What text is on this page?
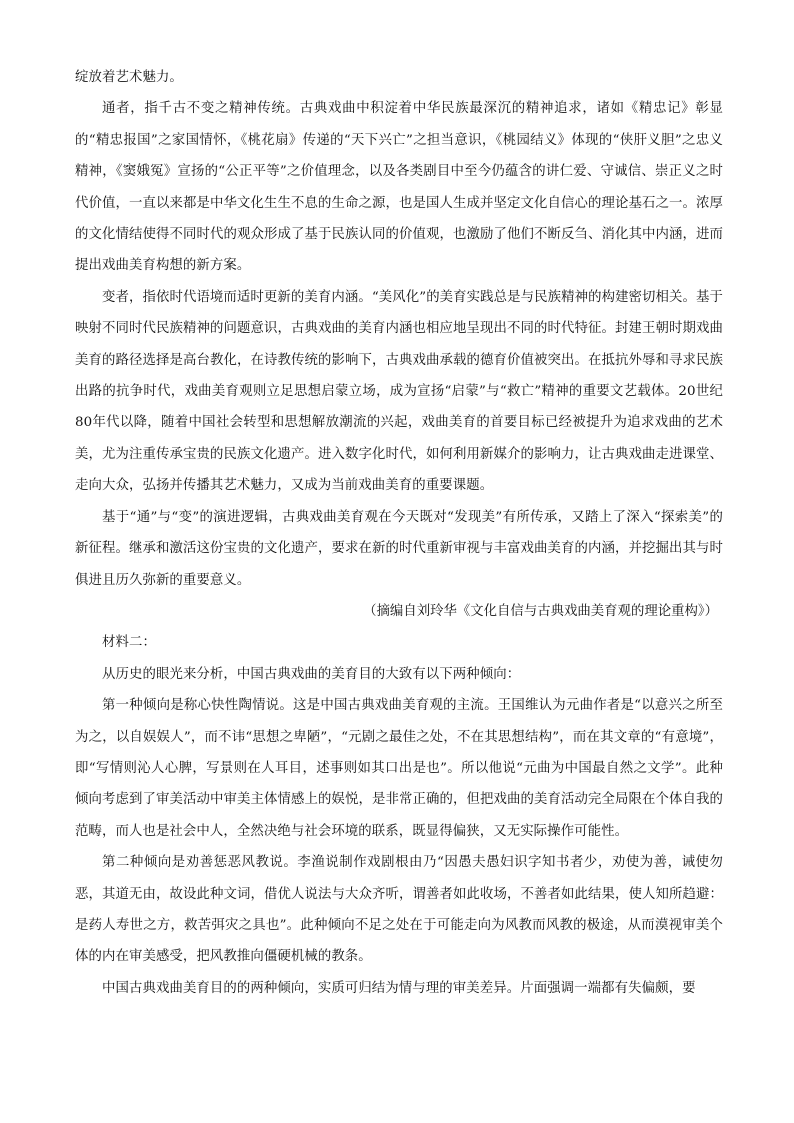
绽放着艺术魅力。

通者，指千古不变之精神传统。古典戏曲中积淀着中华民族最深沉的精神追求，诸如《精忠记》彰显的“精忠报国”之家国情怀，《桃花扇》传递的“天下兴亡”之担当意识，《桃园结义》体现的“侠肝义胆”之忠义精神，《窦娥冤》宣扬的“公正平等”之价值理念，以及各类剧目中至今仍蕴含的讲仁爱、守诚信、崇正义之时代价值，一直以来都是中华文化生生不息的生命之源，也是国人生成并坚定文化自信心的理论基石之一。浓厚的文化情结使得不同时代的观众形成了基于民族认同的价值观，也激励了他们不断反刍、消化其中内涵，进而提出戏曲美育构想的新方案。

变者，指依时代语境而适时更新的美育内涵。“美风化”的美育实践总是与民族精神的构建密切相关。基于映射不同时代民族精神的问题意识，古典戏曲的美育内涵也相应地呈现出不同的时代特征。封建王朝时期戏曲美育的路径选择是高台教化，在诗教传统的影响下，古典戏曲承载的德育价值被突出。在抵抗外辱和寻求民族出路的抗争时代，戏曲美育观则立足思想启蒙立场，成为宣扬“启蒙”与“救亡”精神的重要文艺载体。20世纪80年代以降，随着中国社会转型和思想解放潮流的兴起，戏曲美育的首要目标已经被提升为追求戏曲的艺术美，尤为注重传承宝贵的民族文化遗产。进入数字化时代，如何利用新媒介的影响力，让古典戏曲走进课堂、走向大众，弘扬并传播其艺术魅力，又成为当前戏曲美育的重要课题。

基于“通”与“变”的演进逻辑，古典戏曲美育观在今天既对“发现美”有所传承，又踏上了深入“探索美”的新征程。继承和激活这份宝贵的文化遗产，要求在新的时代重新审视与丰富戏曲美育的内涵，并挖掘出其与时俱进且历久弥新的重要意义。

（摘编自刘玲华《文化自信与古典戏曲美育观的理论重构》）

材料二：

从历史的眼光来分析，中国古典戏曲的美育目的大致有以下两种倾向：

第一种倾向是称心快性陶情说。这是中国古典戏曲美育观的主流。王国维认为元曲作者是“以意兴之所至为之，以自娱娱人”，而不讳“思想之卑陋”，“元剧之最佳之处，不在其思想结构”，而在其文章的“有意境”，即“写情则沁人心脾，写景则在人耳目，述事则如其口出是也”。所以他说“元曲为中国最自然之文学”。此种倾向考虑到了审美活动中审美主体情感上的娱悦，是非常正确的，但把戏曲的美育活动完全局限在个体自我的范畴，而人也是社会中人，全然决绝与社会环境的联系，既显得偏狭，又无实际操作可能性。

第二种倾向是劝善惩恶风教说。李渔说制作戏剧根由乃“因愚夫愚妇识字知书者少，劝使为善，诫使勿恶，其道无由，故设此种文词，借优人说法与大众齐听，谓善者如此收场，不善者如此结果，使人知所趋避：是药人寿世之方，救苦弭灾之具也”。此种倾向不足之处在于可能走向为风教而风教的极途，从而漠视审美个体的内在审美感受，把风教推向僵硬机械的教条。

中国古典戏曲美育目的的两种倾向，实质可归结为情与理的审美差异。片面强调一端都有失偏颇，要
